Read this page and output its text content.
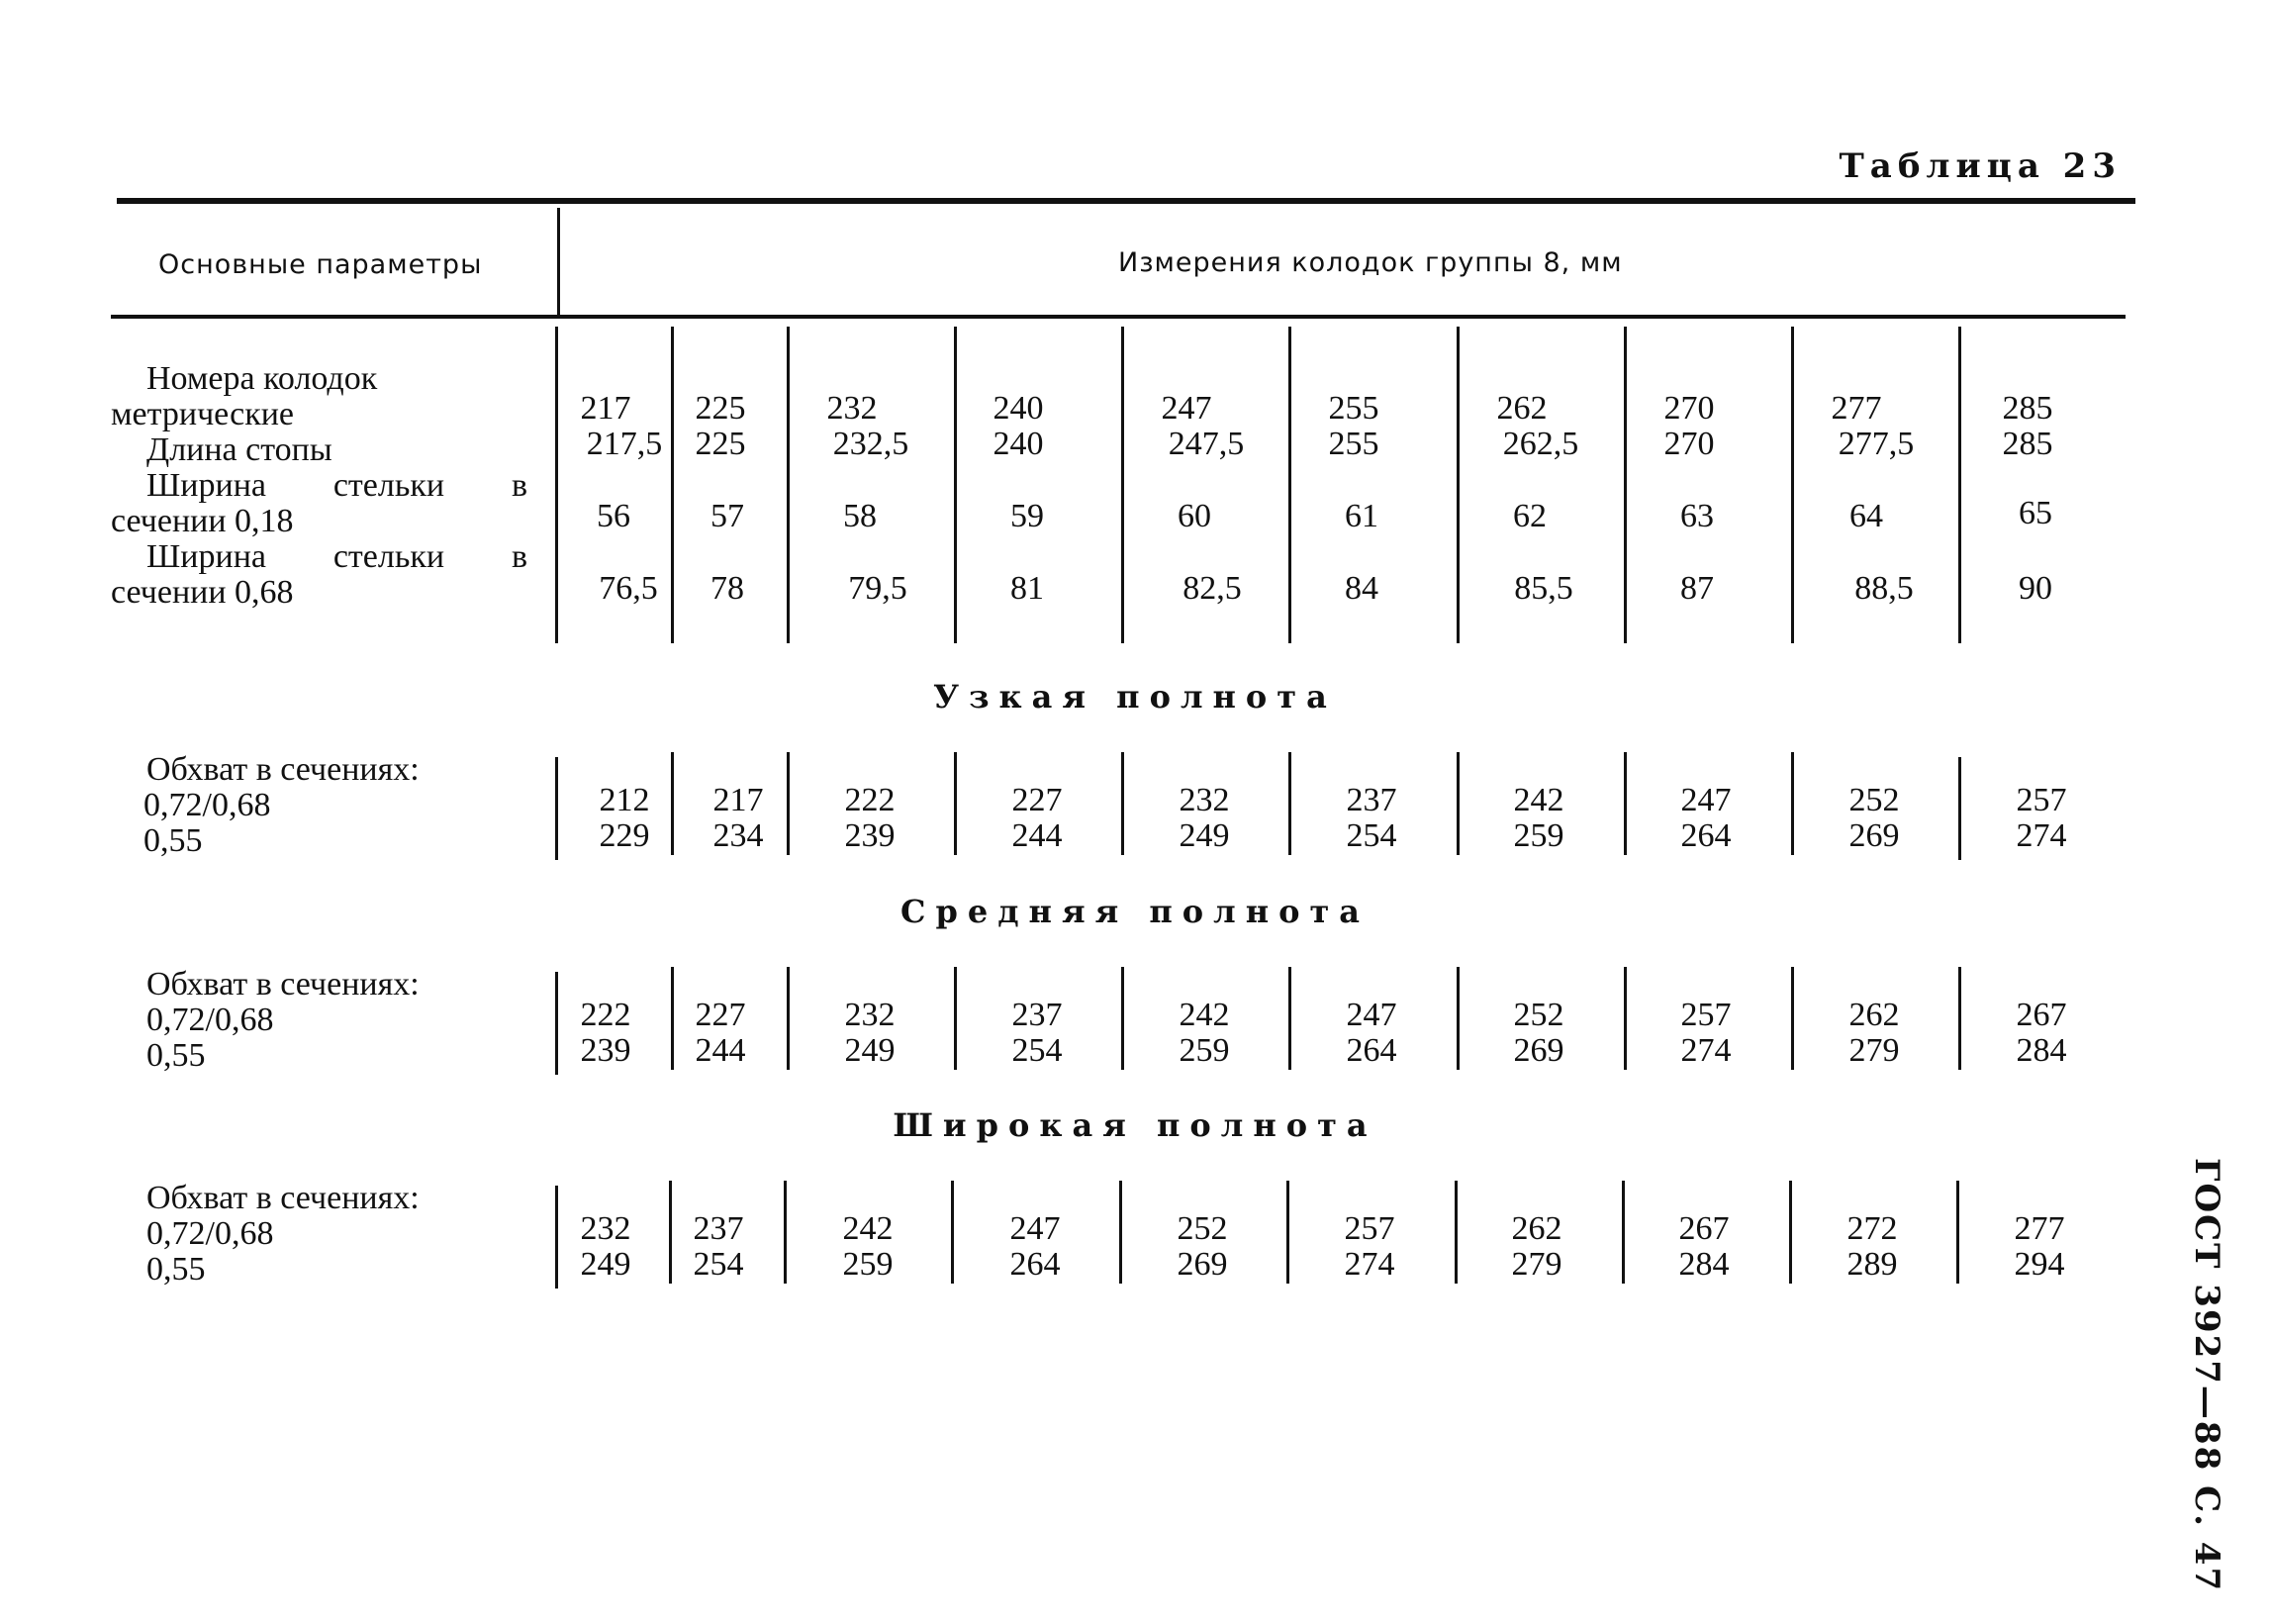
Таблица 23
Основные параметры	Измерения колодок группы 8, мм
Номера колодок
метрические
Длина стопы
Ширина стельки в
сечении 0,18
Ширина стельки в
сечении 0,68
217
217,5
56
76,5
225
225
57
78
232
232,5
58
79,5
240
240
59
81
247
247,5
60
82,5
255
255
61
84
262
262,5
62
85,5
270
270
63
87
277
277,5
64
88,5
285
285
65
90
Узкая полнота
Обхват в сечениях:
0,72/0,68
0,55
212
229
217
234
222
239
227
244
232
249
237
254
242
259
247
264
252
269
257
274
Средняя полнота
Обхват в сечениях:
0,72/0,68
0,55
222
239
227
244
232
249
237
254
242
259
247
264
252
269
257
274
262
279
267
284
Широкая полнота
Обхват в сечениях:
0,72/0,68
0,55
232
249
237
254
242
259
247
264
252
269
257
274
262
279
267
284
272
289
277
294	ГОСТ 3927—88 С. 47
